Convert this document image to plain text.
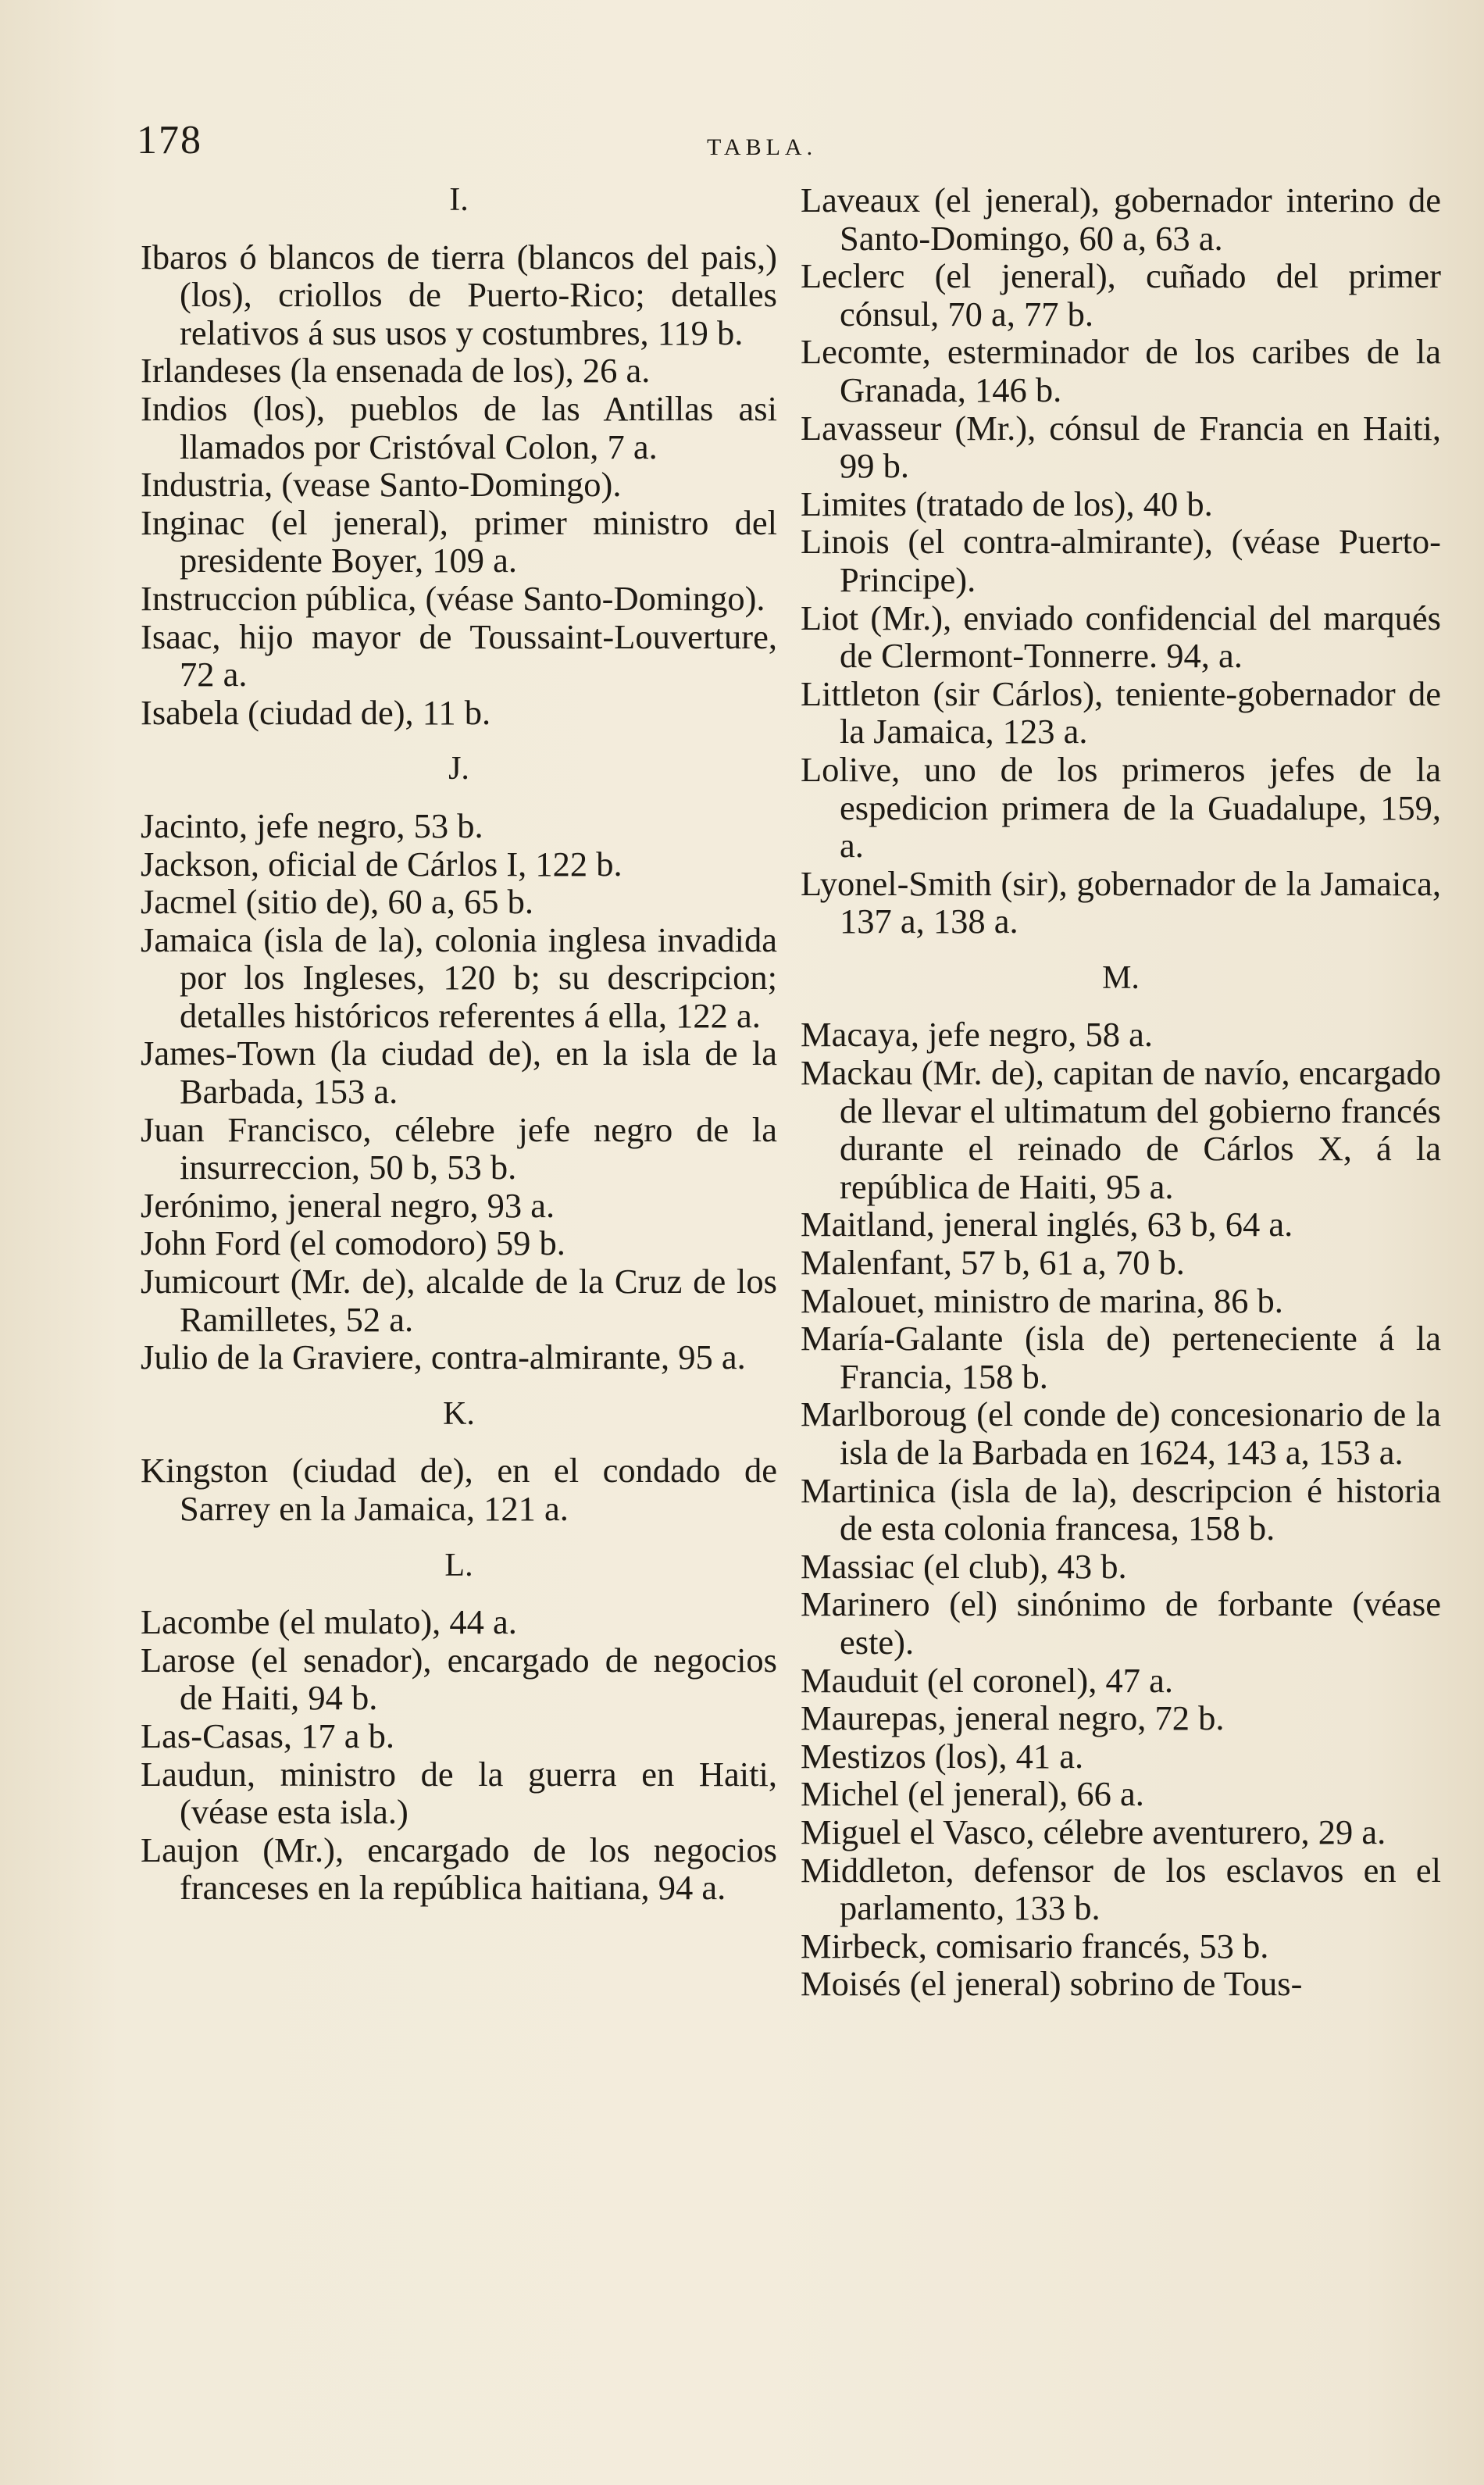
178	TABLA.
I.
Ibaros ó blancos de tierra (blancos del pais,) (los), criollos de Puerto-Rico; detalles relativos á sus usos y costumbres, 119 b.
Irlandeses (la ensenada de los), 26 a.
Indios (los), pueblos de las Antillas asi llamados por Cristóval Colon, 7 a.
Industria, (vease Santo-Domingo).
Inginac (el jeneral), primer ministro del presidente Boyer, 109 a.
Instruccion pública, (véase Santo-Domingo).
Isaac, hijo mayor de Toussaint-Louverture, 72 a.
Isabela (ciudad de), 11 b.
J.
Jacinto, jefe negro, 53 b.
Jackson, oficial de Cárlos I, 122 b.
Jacmel (sitio de), 60 a, 65 b.
Jamaica (isla de la), colonia inglesa invadida por los Ingleses, 120 b; su descripcion; detalles históricos referentes á ella, 122 a.
James-Town (la ciudad de), en la isla de la Barbada, 153 a.
Juan Francisco, célebre jefe negro de la insurreccion, 50 b, 53 b.
Jerónimo, jeneral negro, 93 a.
John Ford (el comodoro) 59 b.
Jumicourt (Mr. de), alcalde de la Cruz de los Ramilletes, 52 a.
Julio de la Graviere, contra-almirante, 95 a.
K.
Kingston (ciudad de), en el condado de Sarrey en la Jamaica, 121 a.
L.
Lacombe (el mulato), 44 a.
Larose (el senador), encargado de negocios de Haiti, 94 b.
Las-Casas, 17 a b.
Laudun, ministro de la guerra en Haiti, (véase esta isla.)
Laujon (Mr.), encargado de los negocios franceses en la república haitiana, 94 a.
Laveaux (el jeneral), gobernador interino de Santo-Domingo, 60 a, 63 a.
Leclerc (el jeneral), cuñado del primer cónsul, 70 a, 77 b.
Lecomte, esterminador de los caribes de la Granada, 146 b.
Lavasseur (Mr.), cónsul de Francia en Haiti, 99 b.
Limites (tratado de los), 40 b.
Linois (el contra-almirante), (véase Puerto-Principe).
Liot (Mr.), enviado confidencial del marqués de Clermont-Tonnerre. 94, a.
Littleton (sir Cárlos), teniente-gobernador de la Jamaica, 123 a.
Lolive, uno de los primeros jefes de la espedicion primera de la Guadalupe, 159, a.
Lyonel-Smith (sir), gobernador de la Jamaica, 137 a, 138 a.
M.
Macaya, jefe negro, 58 a.
Mackau (Mr. de), capitan de navío, encargado de llevar el ultimatum del gobierno francés durante el reinado de Cárlos X, á la república de Haiti, 95 a.
Maitland, jeneral inglés, 63 b, 64 a.
Malenfant, 57 b, 61 a, 70 b.
Malouet, ministro de marina, 86 b.
María-Galante (isla de) perteneciente á la Francia, 158 b.
Marlboroug (el conde de) concesionario de la isla de la Barbada en 1624, 143 a, 153 a.
Martinica (isla de la), descripcion é historia de esta colonia francesa, 158 b.
Massiac (el club), 43 b.
Marinero (el) sinónimo de forbante (véase este).
Mauduit (el coronel), 47 a.
Maurepas, jeneral negro, 72 b.
Mestizos (los), 41 a.
Michel (el jeneral), 66 a.
Miguel el Vasco, célebre aventurero, 29 a.
Middleton, defensor de los esclavos en el parlamento, 133 b.
Mirbeck, comisario francés, 53 b.
Moisés (el jeneral) sobrino de Tous-
